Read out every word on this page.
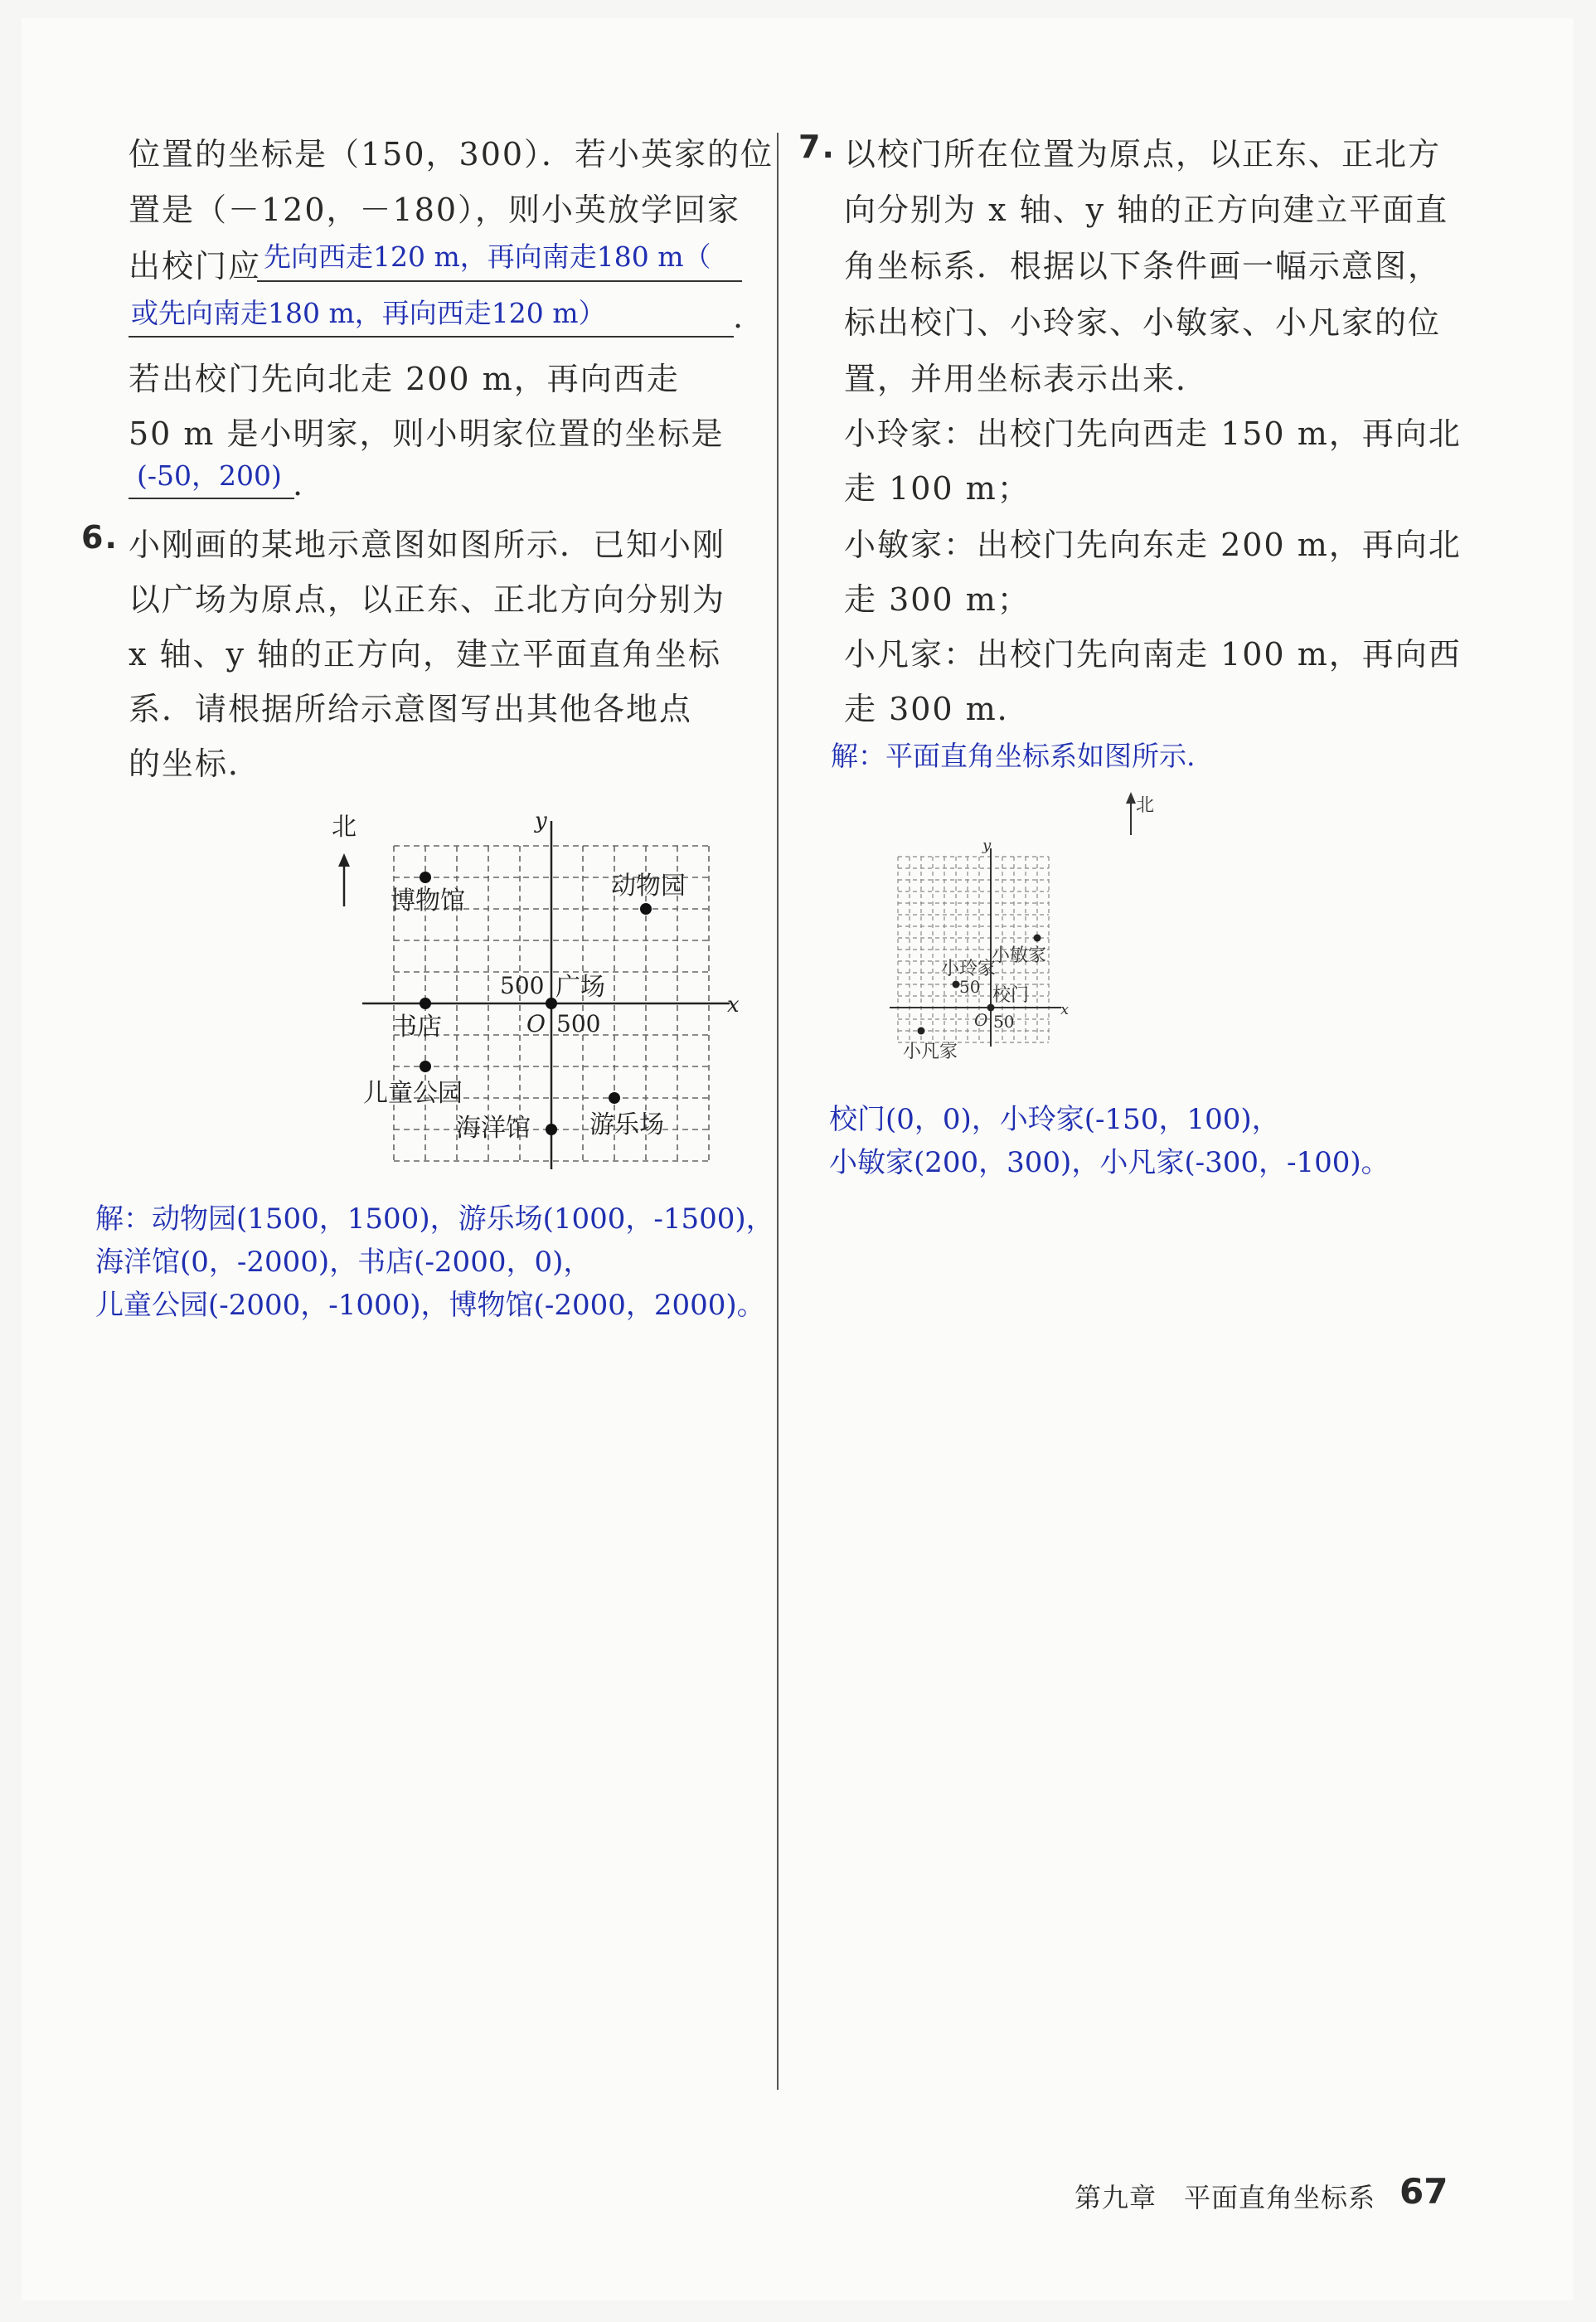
位置的坐标是（150，300）．若小英家的位
置是（－120，－180），则小英放学回家
出校门应 先向西走120 m，再向南走180 m（
或先向南走180 m，再向西走120 m）	.
若出校门先向北走 200 m，再向西走
50 m 是小明家，则小明家位置的坐标是
(-50，200) .
6. 小刚画的某地示意图如图所示．已知小刚
以广场为原点，以正东、正北方向分别为
x 轴、y 轴的正方向，建立平面直角坐标
系．请根据所给示意图写出其他各地点
的坐标．
x
y
O
500
500
北
博物馆
动物园
广场
书店
儿童公园
海洋馆 游乐场
解：动物园(1500，1500)，游乐场(1000，-1500)，
海洋馆(0，-2000)，书店(-2000，0)，
儿童公园(-2000，-1000)，博物馆(-2000，2000)。
7. 以校门所在位置为原点，以正东、正北方
向分别为 x 轴、y 轴的正方向建立平面直
角坐标系．根据以下条件画一幅示意图，
标出校门、小玲家、小敏家、小凡家的位
置，并用坐标表示出来．
小玲家：出校门先向西走 150 m，再向北
走 100 m；
小敏家：出校门先向东走 200 m，再向北
走 300 m；
小凡家：出校门先向南走 100 m，再向西
走 300 m．
解：平面直角坐标系如图所示.
x
y
O
50
50
北
小敏家
小玲家
校门
小凡家
校门(0，0)，小玲家(-150，100)，
小敏家(200，300)，小凡家(-300，-100)。
第九章　平面直角坐标系 67
